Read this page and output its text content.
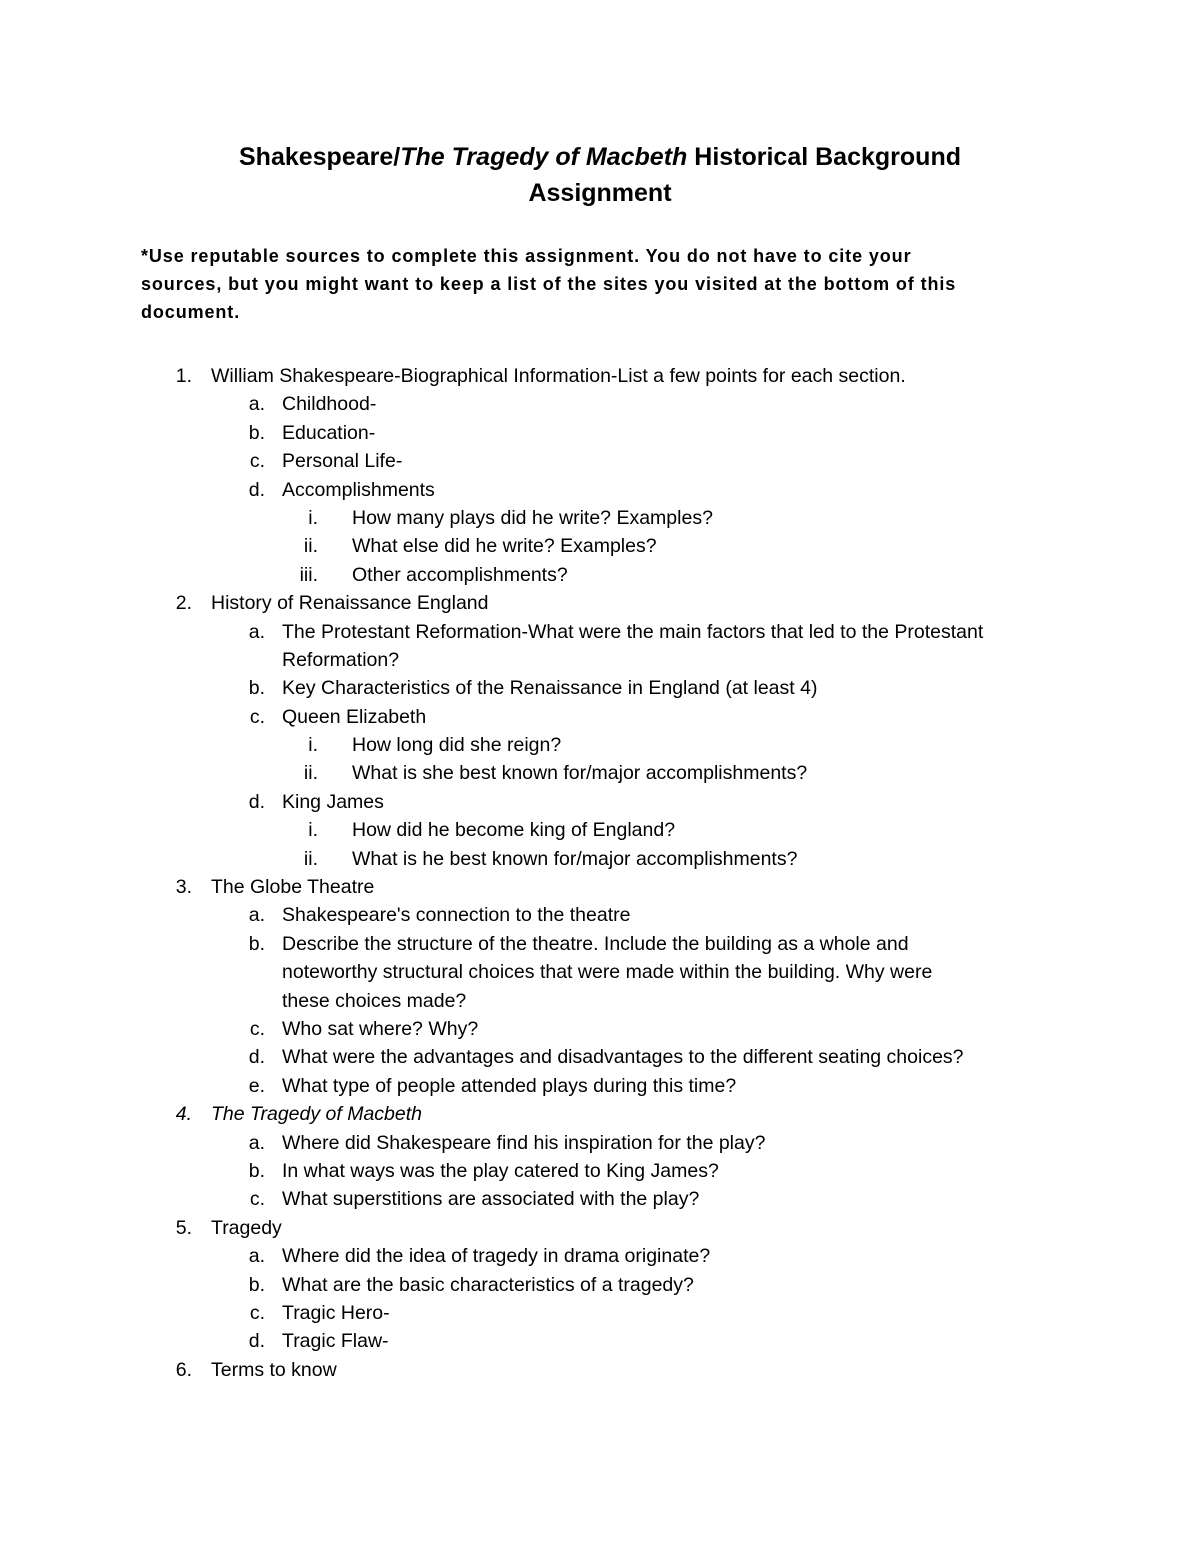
Shakespeare/The Tragedy of Macbeth Historical Background
Assignment
*Use reputable sources to complete this assignment. You do not have to cite your
sources, but you might want to keep a list of the sites you visited at the bottom of this
document.
1. William Shakespeare-Biographical Information-List a few points for each section.
a. Childhood-
b. Education-
c. Personal Life-
d. Accomplishments
i. How many plays did he write? Examples?
ii. What else did he write? Examples?
iii. Other accomplishments?
2. History of Renaissance England
a. The Protestant Reformation-What were the main factors that led to the Protestant
Reformation?
b. Key Characteristics of the Renaissance in England (at least 4)
c. Queen Elizabeth
i. How long did she reign?
ii. What is she best known for/major accomplishments?
d. King James
i. How did he become king of England?
ii. What is he best known for/major accomplishments?
3. The Globe Theatre
a. Shakespeare's connection to the theatre
b. Describe the structure of the theatre. Include the building as a whole and
noteworthy structural choices that were made within the building. Why were
these choices made?
c. Who sat where? Why?
d. What were the advantages and disadvantages to the different seating choices?
e. What type of people attended plays during this time?
4. The Tragedy of Macbeth
a. Where did Shakespeare find his inspiration for the play?
b. In what ways was the play catered to King James?
c. What superstitions are associated with the play?
5. Tragedy
a. Where did the idea of tragedy in drama originate?
b. What are the basic characteristics of a tragedy?
c. Tragic Hero-
d. Tragic Flaw-
6. Terms to know
